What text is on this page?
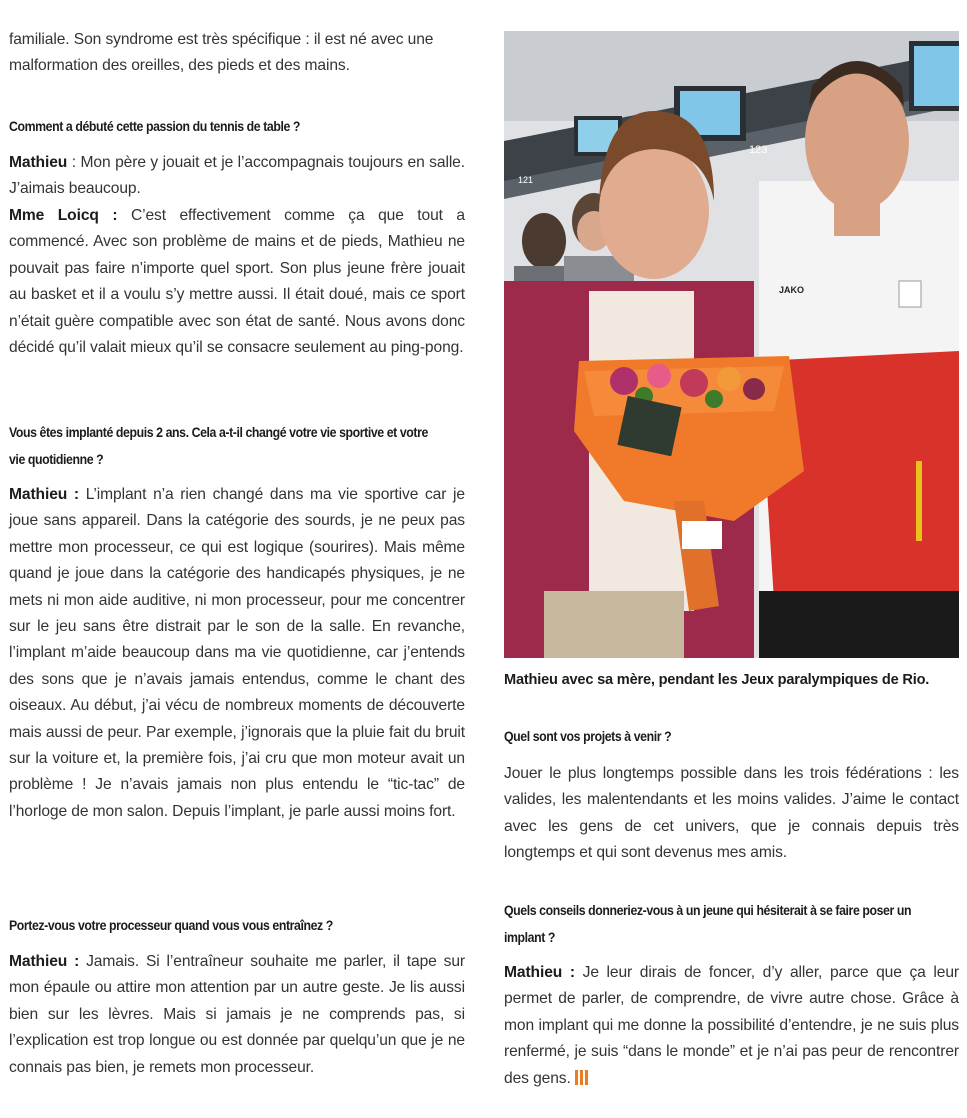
familiale. Son syndrome est très spécifique : il est né avec une malformation des oreilles, des pieds et des mains.

Comment a débuté cette passion du tennis de table ?

Mathieu : Mon père y jouait et je l’accompagnais toujours en salle. J’aimais beaucoup.

Mme Loicq : C’est effectivement comme ça que tout a commencé. Avec son problème de mains et de pieds, Mathieu ne pouvait pas faire n’importe quel sport. Son plus jeune frère jouait au basket et il a voulu s’y mettre aussi. Il était doué, mais ce sport n’était guère compatible avec son état de santé. Nous avons donc décidé qu’il valait mieux qu’il se consacre seulement au ping-pong.

Vous êtes implanté depuis 2 ans. Cela a-t-il changé votre vie sportive et votre vie quotidienne ?

Mathieu : L’implant n’a rien changé dans ma vie sportive car je joue sans appareil. Dans la catégorie des sourds, je ne peux pas mettre mon processeur, ce qui est logique (sourires). Mais même quand je joue dans la catégorie des handicapés physiques, je ne mets ni mon aide auditive, ni mon processeur, pour me concentrer sur le jeu sans être distrait par le son de la salle. En revanche, l’implant m’aide beaucoup dans ma vie quotidienne, car j’entends des sons que je n’avais jamais entendus, comme le chant des oiseaux. Au début, j’ai vécu de nombreux moments de découverte mais aussi de peur. Par exemple, j’ignorais que la pluie fait du bruit sur la voiture et, la première fois, j’ai cru que mon moteur avait un problème ! Je n’avais jamais non plus entendu le “tic-tac” de l’horloge de mon salon. Depuis l’implant, je parle aussi moins fort.

Portez-vous votre processeur quand vous vous entraînez ?

Mathieu : Jamais. Si l’entraîneur souhaite me parler, il tape sur mon épaule ou attire mon attention par un autre geste. Je lis aussi bien sur les lèvres. Mais si jamais je ne comprends pas, si l’explication est trop longue ou est donnée par quelqu’un que je ne connais pas bien, je remets mon processeur.

123
121
JAKO
Mathieu avec sa mère, pendant les Jeux paralympiques de Rio.
Quel sont vos projets à venir ?

Jouer le plus longtemps possible dans les trois fédérations : les valides, les malentendants et les moins valides. J’aime le contact avec les gens de cet univers, que je connais depuis très longtemps et qui sont devenus mes amis.

Quels conseils donneriez-vous à un jeune qui hésiterait à se faire poser un implant ?

Mathieu : Je leur dirais de foncer, d’y aller, parce que ça leur permet de parler, de comprendre, de vivre autre chose. Grâce à mon implant qui me donne la possibilité d’entendre, je ne suis plus renfermé, je suis “dans le monde” et je n’ai pas peur de rencontrer des gens.
